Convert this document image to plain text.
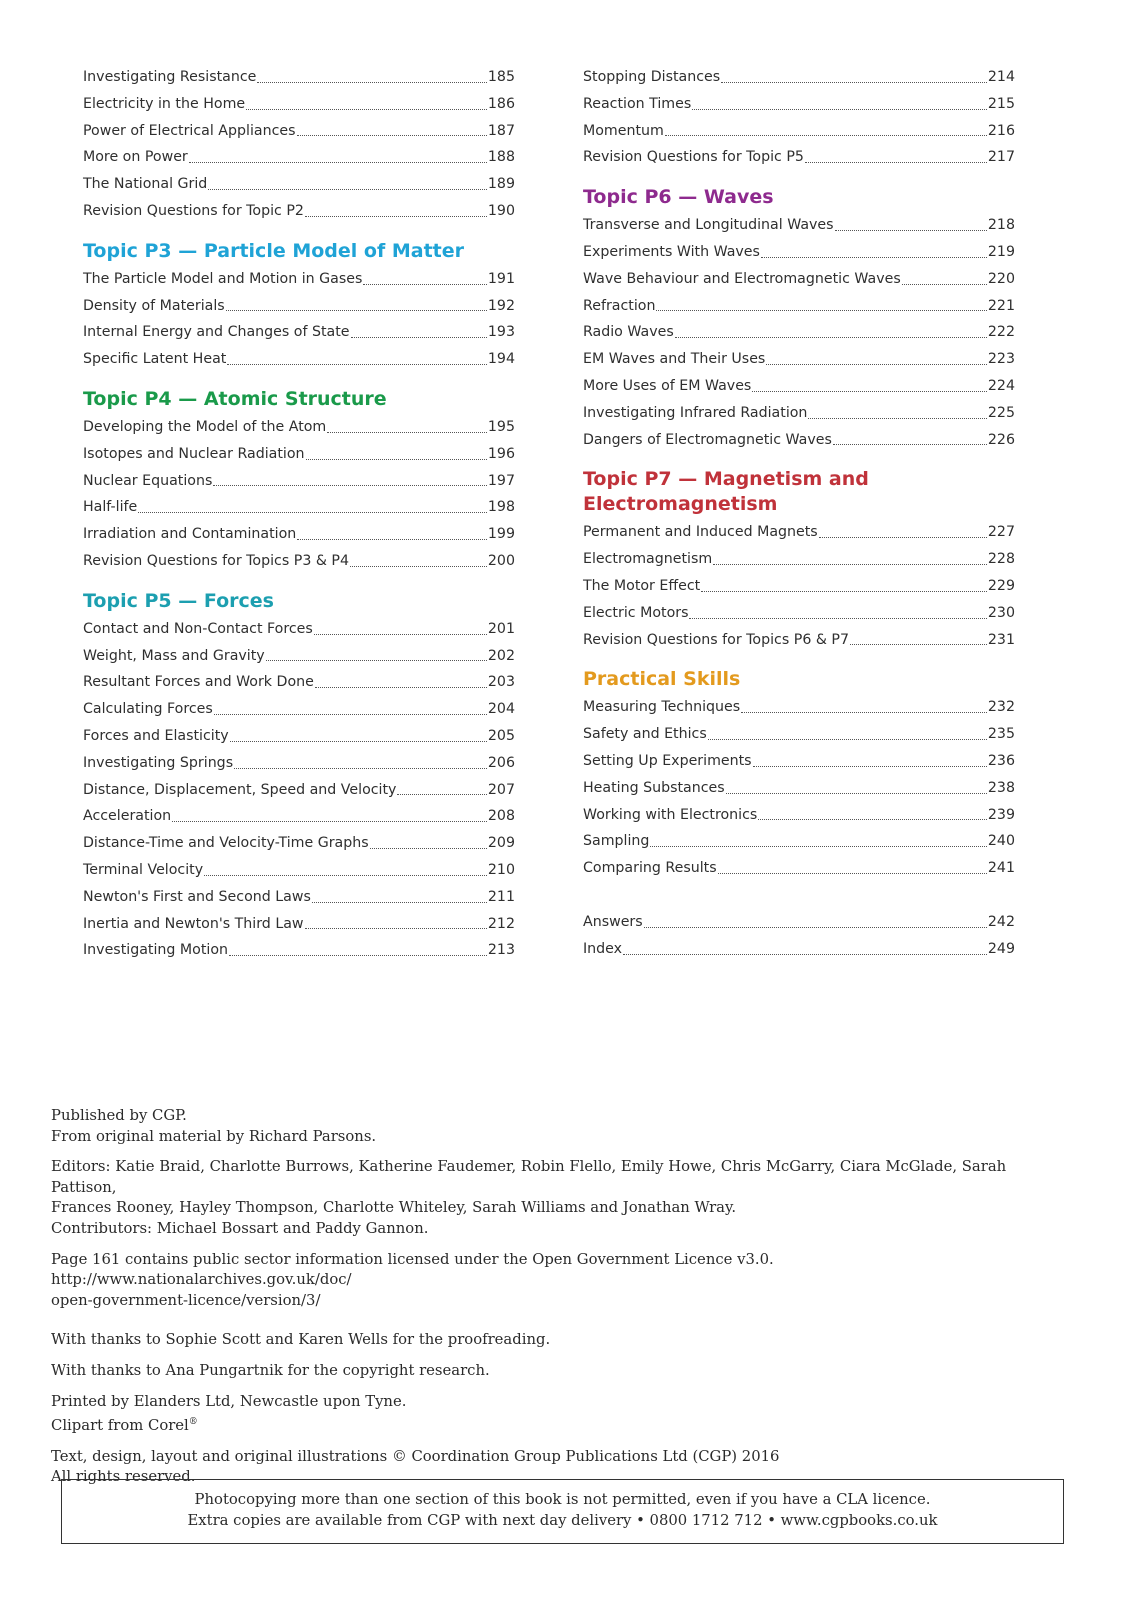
Investigating Resistance	185
Electricity in the Home	186
Power of Electrical Appliances	187
More on Power	188
The National Grid	189
Revision Questions for Topic P2	190
Topic P3 — Particle Model of Matter
The Particle Model and Motion in Gases	191
Density of Materials	192
Internal Energy and Changes of State	193
Specific Latent Heat	194
Topic P4 — Atomic Structure
Developing the Model of the Atom	195
Isotopes and Nuclear Radiation	196
Nuclear Equations	197
Half-life	198
Irradiation and Contamination	199
Revision Questions for Topics P3 & P4	200
Topic P5 — Forces
Contact and Non-Contact Forces	201
Weight, Mass and Gravity	202
Resultant Forces and Work Done	203
Calculating Forces	204
Forces and Elasticity	205
Investigating Springs	206
Distance, Displacement, Speed and Velocity	207
Acceleration	208
Distance-Time and Velocity-Time Graphs	209
Terminal Velocity	210
Newton's First and Second Laws	211
Inertia and Newton's Third Law	212
Investigating Motion	213
Stopping Distances	214
Reaction Times	215
Momentum	216
Revision Questions for Topic P5	217
Topic P6 — Waves
Transverse and Longitudinal Waves	218
Experiments With Waves	219
Wave Behaviour and Electromagnetic Waves	220
Refraction	221
Radio Waves	222
EM Waves and Their Uses	223
More Uses of EM Waves	224
Investigating Infrared Radiation	225
Dangers of Electromagnetic Waves	226
Topic P7 — Magnetism and
Electromagnetism
Permanent and Induced Magnets	227
Electromagnetism	228
The Motor Effect	229
Electric Motors	230
Revision Questions for Topics P6 & P7	231
Practical Skills
Measuring Techniques	232
Safety and Ethics	235
Setting Up Experiments	236
Heating Substances	238
Working with Electronics	239
Sampling	240
Comparing Results	241
Answers	242
Index	249

Published by CGP.
From original material by Richard Parsons.

Editors: Katie Braid, Charlotte Burrows, Katherine Faudemer, Robin Flello, Emily Howe, Chris McGarry, Ciara McGlade, Sarah Pattison,
Frances Rooney, Hayley Thompson, Charlotte Whiteley, Sarah Williams and Jonathan Wray.
Contributors: Michael Bossart and Paddy Gannon.

Page 161 contains public sector information licensed under the Open Government Licence v3.0. http://www.nationalarchives.gov.uk/doc/
open-government-licence/version/3/

With thanks to Sophie Scott and Karen Wells for the proofreading.

With thanks to Ana Pungartnik for the copyright research.

Printed by Elanders Ltd, Newcastle upon Tyne.
Clipart from Corel®

Text, design, layout and original illustrations © Coordination Group Publications Ltd (CGP) 2016
All rights reserved.

Photocopying more than one section of this book is not permitted, even if you have a CLA licence.
Extra copies are available from CGP with next day delivery • 0800 1712 712 • www.cgpbooks.co.uk
